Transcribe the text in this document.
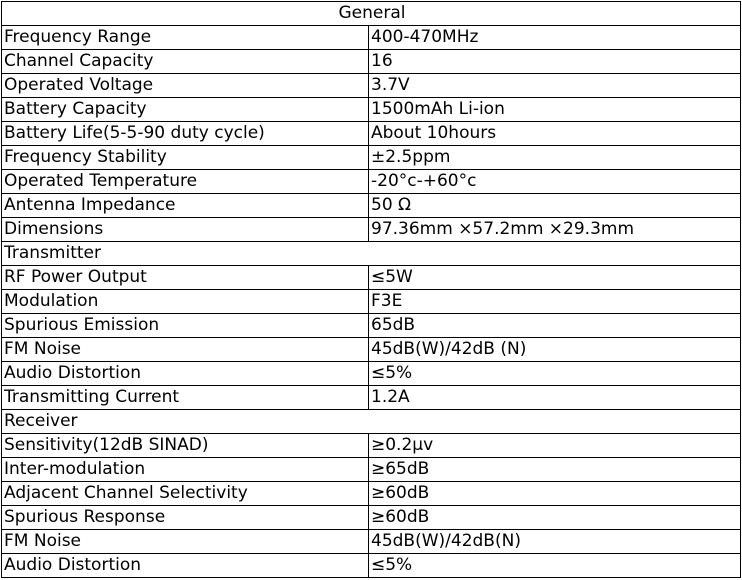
General	
Frequency Range	400-470MHz
Channel Capacity	16
Operated Voltage	3.7V
Battery Capacity	1500mAh Li-ion
Battery Life(5-5-90 duty cycle)	About 10hours
Frequency Stability	±2.5ppm
Operated Temperature	-20°c-+60°c
Antenna Impedance	50 Ω
Dimensions	97.36mm ×57.2mm ×29.3mm
Transmitter	
RF Power Output	≤5W
Modulation	F3E
Spurious Emission	65dB
FM Noise	45dB(W)/42dB (N)
Audio Distortion	≤5%
Transmitting Current	1.2A
Receiver	
Sensitivity(12dB SINAD)	≥0.2μv
Inter-modulation	≥65dB
Adjacent Channel Selectivity	≥60dB
Spurious Response	≥60dB
FM Noise	45dB(W)/42dB(N)
Audio Distortion	≤5%
